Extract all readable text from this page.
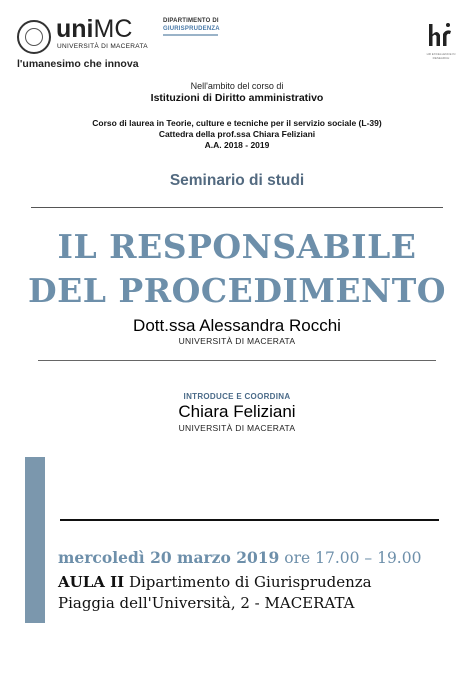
uniMC
UNIVERSITÀ DI MACERATA
l'umanesimo che innova
DIPARTIMENTO DI
GIURISPRUDENZA
HR EXCELLENCE IN RESEARCH
Nell'ambito del corso di
Istituzioni di Diritto amministrativo
Corso di laurea in Teorie, culture e tecniche per il servizio sociale (L-39)
Cattedra della prof.ssa Chiara Feliziani
A.A. 2018 - 2019
Seminario di studi
IL RESPONSABILE
DEL PROCEDIMENTO
Dott.ssa Alessandra Rocchi
UNIVERSITÀ DI MACERATA
INTRODUCE E COORDINA
Chiara Feliziani
UNIVERSITÀ DI MACERATA
mercoledì 20 marzo 2019 ore 17.00 – 19.00
AULA II Dipartimento di Giurisprudenza
Piaggia dell'Università, 2 - MACERATA
